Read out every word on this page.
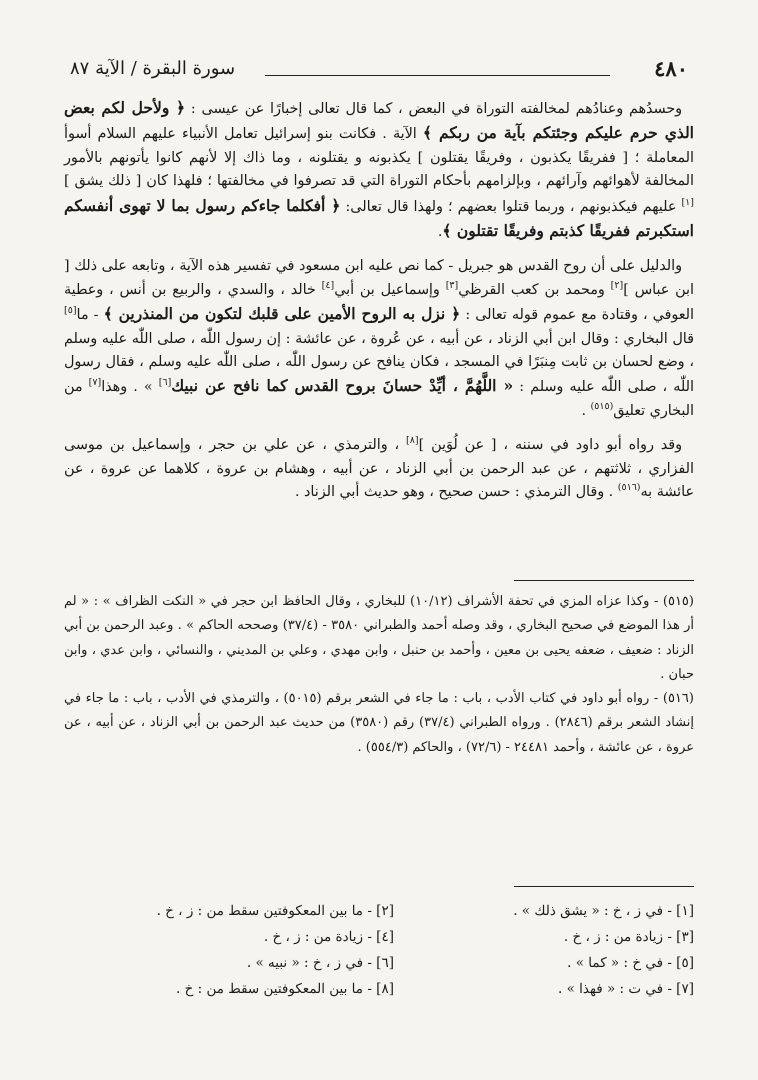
٤٨٠
سورة البقرة / الآية ٨٧

وحسدُهم وعنادُهم لمخالفته التوراة في البعض ، كما قال تعالى إخبارًا عن عيسى : ﴿ ولأحل لكم بعض الذي حرم عليكم وجئتكم بآية من ربكم ﴾ الآية . فكانت بنو إسرائيل تعامل الأنبياء عليهم السلام أسوأ المعاملة ؛ [ ففريقًا يكذبون ، وفريقًا يقتلون ] يكذبونه و يقتلونه ، وما ذاك إلا لأنهم كانوا يأتونهم بالأمور المخالفة لأهوائهم وآرائهم ، وبإلزامهم بأحكام التوراة التي قد تصرفوا في مخالفتها ؛ فلهذا كان [ ذلك يشق ][١] عليهم فيكذبونهم ، وربما قتلوا بعضهم ؛ ولهذا قال تعالى: ﴿ أفكلما جاءكم رسول بما لا تهوى أنفسكم استكبرتم ففريقًا كذبتم وفريقًا تقتلون ﴾.

والدليل على أن روح القدس هو جبريل - كما نص عليه ابن مسعود في تفسير هذه الآية ، وتابعه على ذلك [ ابن عباس ][٢] ومحمد بن كعب القرظي[٣] وإسماعيل بن أبي[٤] خالد ، والسدي ، والربيع بن أنس ، وعطية العوفي ، وقتادة مع عموم قوله تعالى : ﴿ نزل به الروح الأمين على قلبك لتكون من المنذرين ﴾ - ما[٥] قال البخاري : وقال ابن أبي الزناد ، عن أبيه ، عن عُروة ، عن عائشة : إن رسول اللّٰه ، صلى اللّٰه عليه وسلم ، وضع لحسان بن ثابت مِنبَرًا في المسجد ، فكان ينافح عن رسول اللّٰه ، صلى اللّٰه عليه وسلم ، فقال رسول اللّٰه ، صلى اللّٰه عليه وسلم : « اللَّهُمَّ ، أيِّدْ حسانَ بروح القدس كما نافح عن نبيك[٦] » . وهذا[٧] من البخاري تعليق$^{(٥١٥)}$ .

وقد رواه أبو داود في سننه ، [ عن لُوَين ][٨] ، والترمذي ، عن علي بن حجر ، وإسماعيل بن موسى الفزاري ، ثلاثتهم ، عن عبد الرحمن بن أبي الزناد ، عن أبيه ، وهشام بن عروة ، كلاهما عن عروة ، عن عائشة به$^{(٥١٦)}$ . وقال الترمذي : حسن صحيح ، وهو حديث أبي الزناد .

(٥١٥) - وكذا عزاه المزي في تحفة الأشراف (١٠/١٢) للبخاري ، وقال الحافظ ابن حجر في « النكت الظراف » : « لم أر هذا الموضع في صحيح البخاري ، وقد وصله أحمد والطبراني ٣٥٨٠ - (٣٧/٤) وصححه الحاكم » . وعبد الرحمن بن أبي الزناد : ضعيف ، ضعفه يحيى بن معين ، وأحمد بن حنبل ، وابن مهدي ، وعلي بن المديني ، والنسائي ، وابن عدي ، وابن حبان .

(٥١٦) - رواه أبو داود في كتاب الأدب ، باب : ما جاء في الشعر برقم (٥٠١٥) ، والترمذي في الأدب ، باب : ما جاء في إنشاد الشعر برقم (٢٨٤٦) . ورواه الطبراني (٣٧/٤) رقم (٣٥٨٠) من حديث عبد الرحمن بن أبي الزناد ، عن أبيه ، عن عروة ، عن عائشة ، وأحمد ٢٤٤٨١ - (٧٢/٦) ، والحاكم (٥٥٤/٣) .

[١] - في ز ، خ : « يشق ذلك » .
[٣] - زيادة من : ز ، خ .
[٥] - في خ : « كما » .
[٧] - في ت : « فهذا » .
[٢] - ما بين المعكوفتين سقط من : ز ، خ .
[٤] - زيادة من : ز ، خ .
[٦] - في ز ، خ : « نبيه » .
[٨] - ما بين المعكوفتين سقط من : خ .
